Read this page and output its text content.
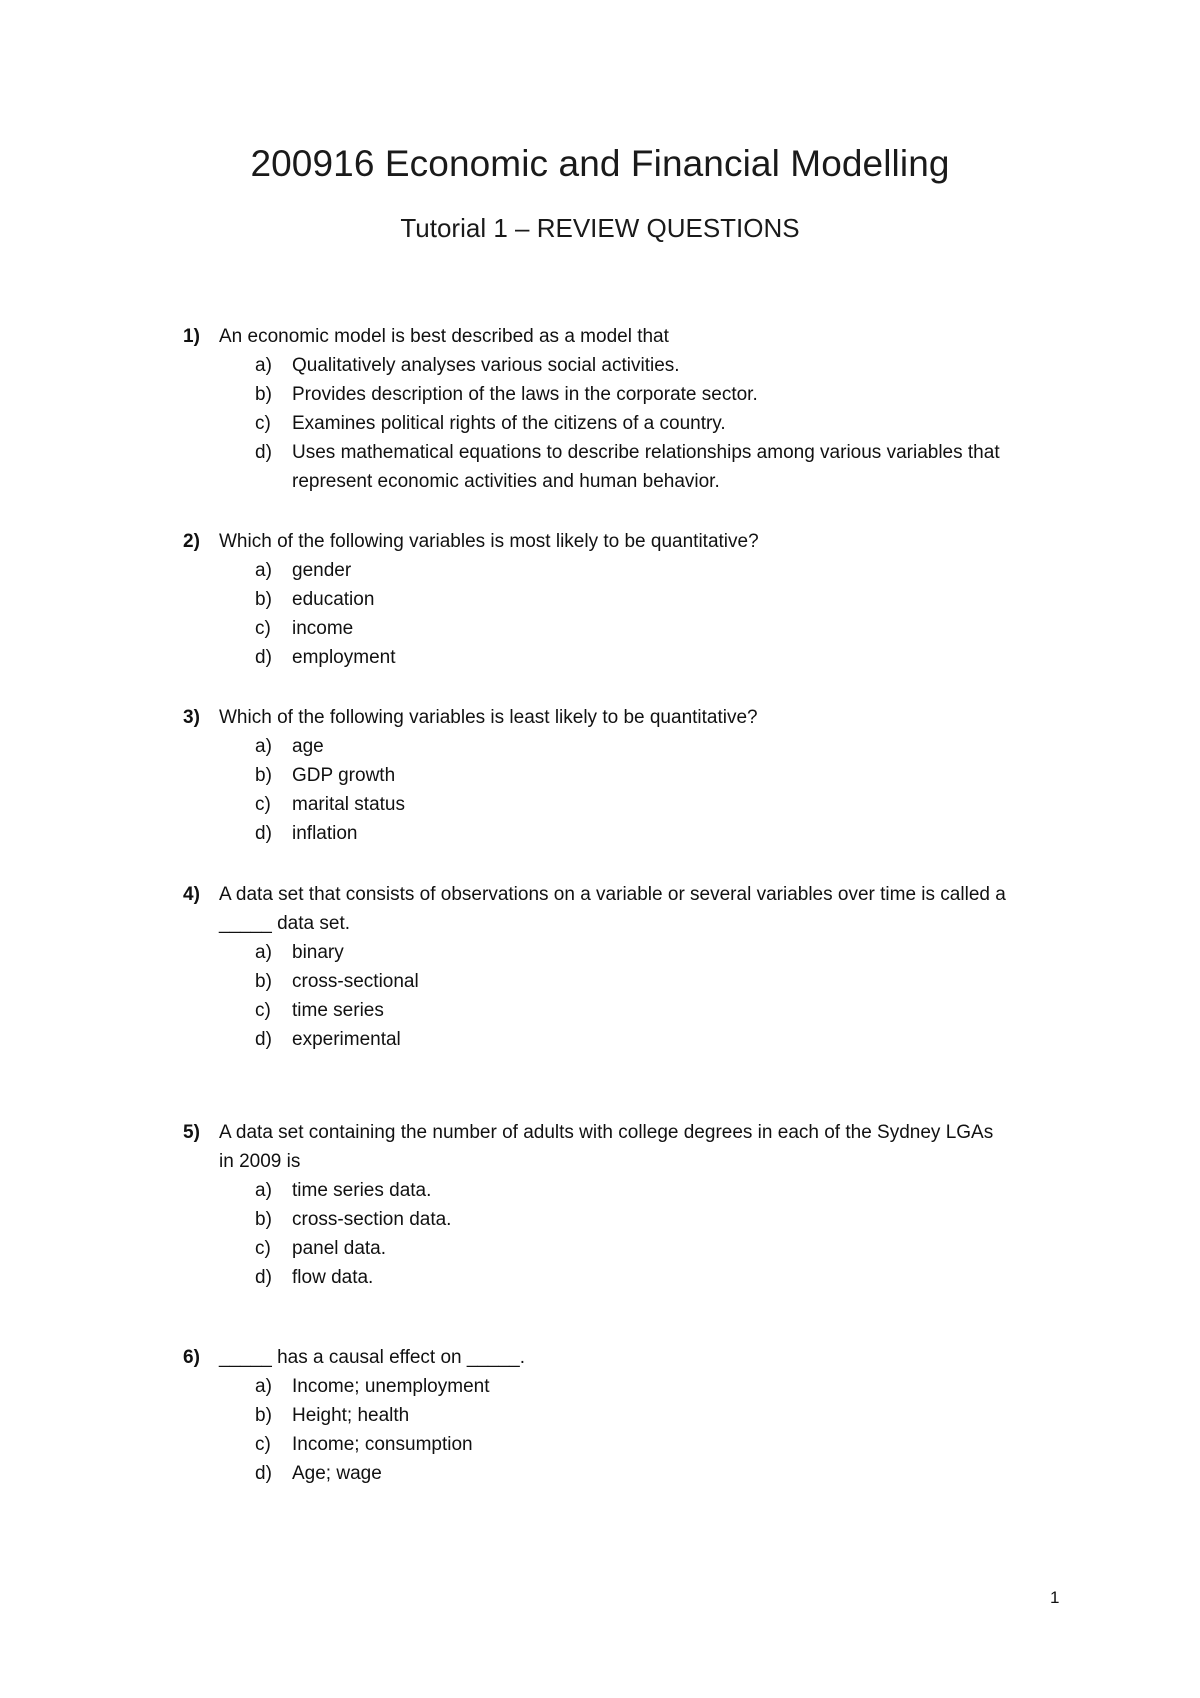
200916 Economic and Financial Modelling
Tutorial 1 – REVIEW QUESTIONS
1) An economic model is best described as a model that
a)	Qualitatively analyses various social activities.
b)	Provides description of the laws in the corporate sector.
c)	Examines political rights of the citizens of a country.
d)	Uses mathematical equations to describe relationships among various variables that
represent economic activities and human behavior.
2) Which of the following variables is most likely to be quantitative?
a)	gender
b)	education
c)	income
d)	employment
3) Which of the following variables is least likely to be quantitative?
a)	age
b)	GDP growth
c)	marital status
d)	inflation
4) A data set that consists of observations on a variable or several variables over time is called a
_____ data set.
a)	binary
b)	cross-sectional
c)	time series
d)	experimental
5) A data set containing the number of adults with college degrees in each of the Sydney LGAs
in 2009 is
a)	time series data.
b)	cross-section data.
c)	panel data.
d)	flow data.
6) _____ has a causal effect on _____.
a)	Income; unemployment
b)	Height; health
c)	Income; consumption
d)	Age; wage
1
